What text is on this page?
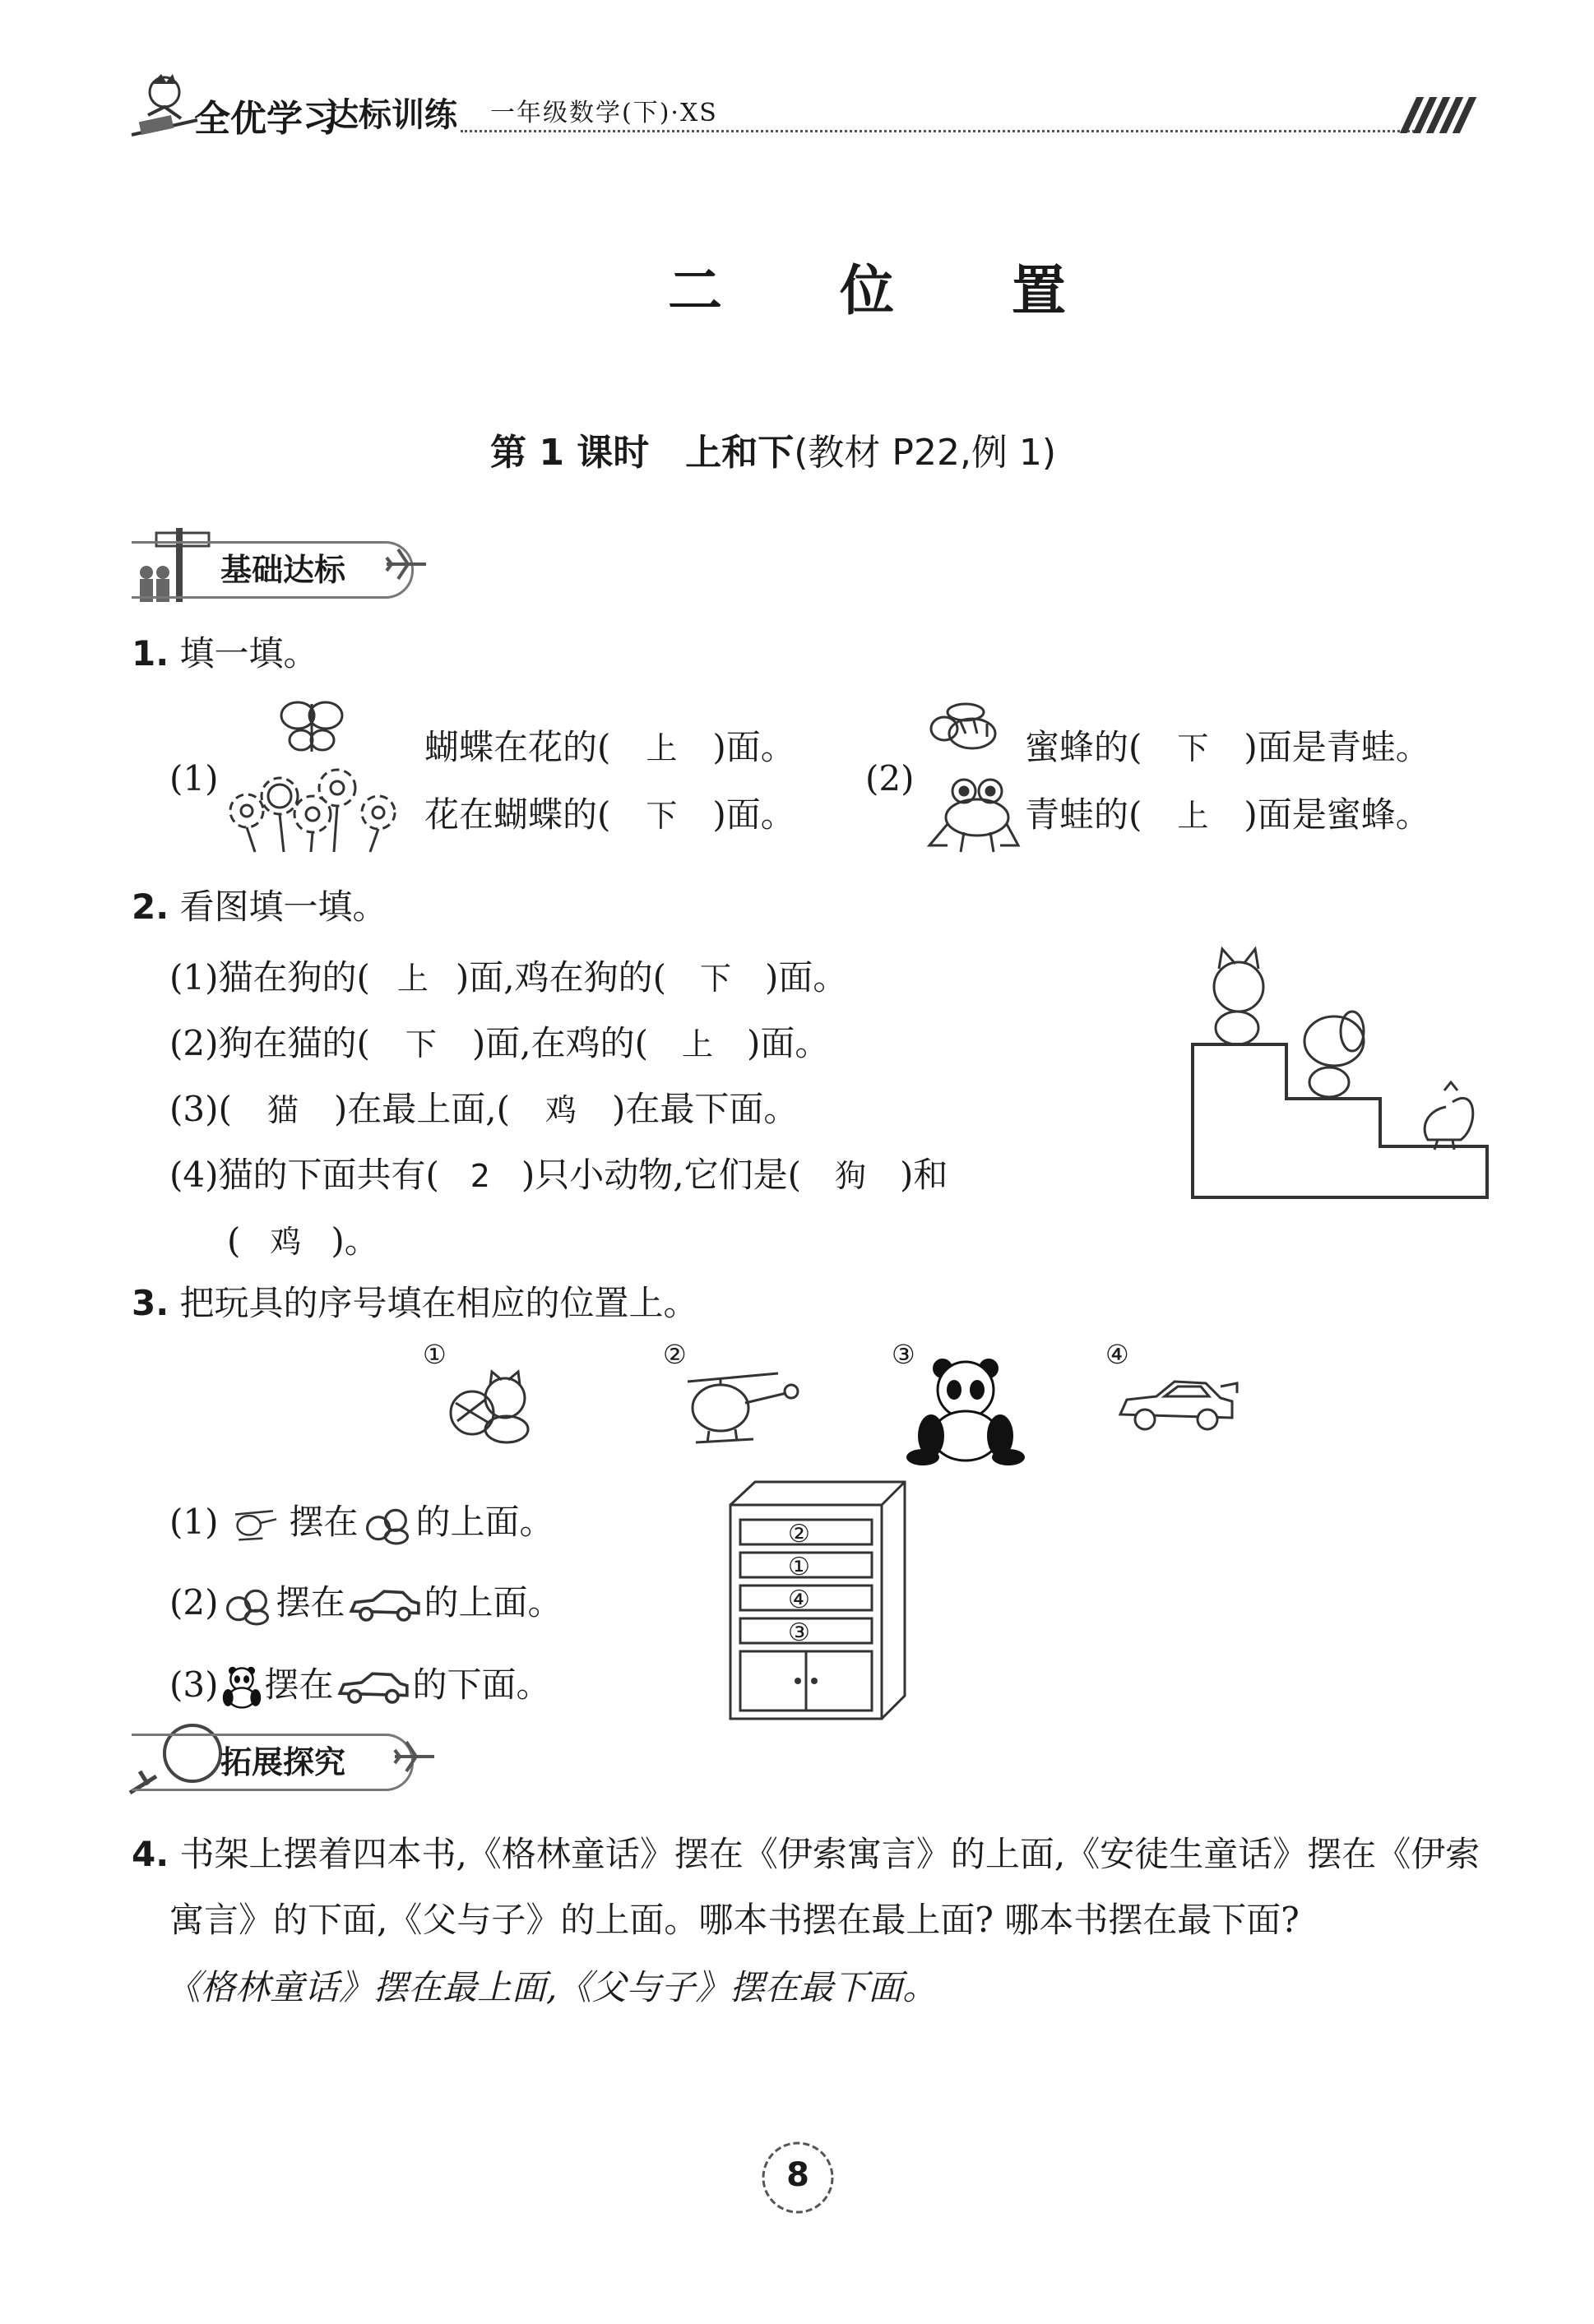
全优学习
达标训练 一年级数学(下)·XS
二 位 置
第 1 课时　上和下(教材 P22,例 1)
基础达标
1. 填一填。
(1)
蝴蝶在花的( 上 )面。
花在蝴蝶的( 下 )面。
(2)
蜜蜂的( 下 )面是青蛙。
青蛙的( 上 )面是蜜蜂。
2. 看图填一填。
(1)猫在狗的( 上 )面,鸡在狗的( 下 )面。
(2)狗在猫的( 下 )面,在鸡的( 上 )面。
(3)( 猫 )在最上面,( 鸡 )在最下面。
(4)猫的下面共有( 2 )只小动物,它们是( 狗 )和
( 鸡 )。
3. 把玩具的序号填在相应的位置上。
①	②	③	④
(1) 摆在 的上面。
(2) 摆在 的上面。
(3) 摆在 的下面。
②
①
④
③
拓展探究
4. 书架上摆着四本书,《格林童话》摆在《伊索寓言》的上面,《安徒生童话》摆在《伊索
寓言》的下面,《父与子》的上面。哪本书摆在最上面? 哪本书摆在最下面?
《格林童话》摆在最上面,《父与子》摆在最下面。
8
